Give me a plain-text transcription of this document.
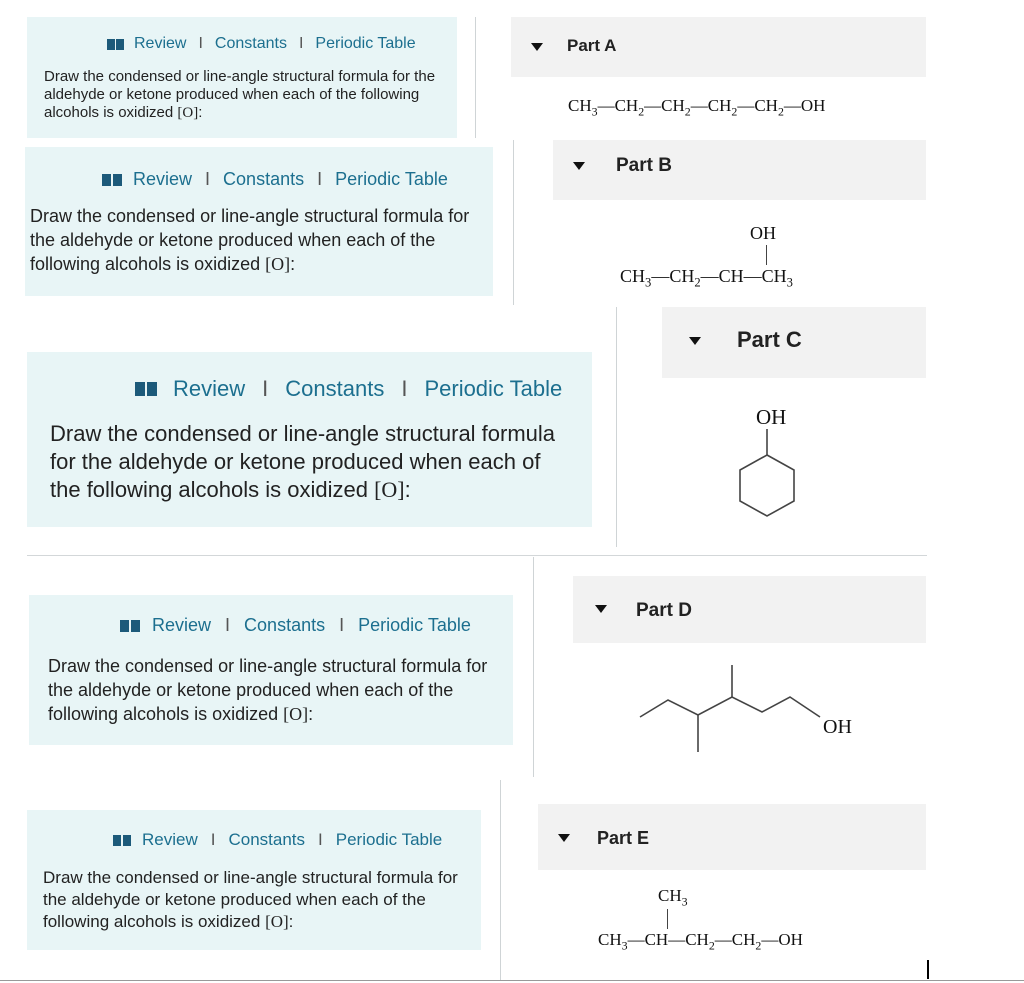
Review I Constants I Periodic Table
Draw the condensed or line-angle structural formula for the aldehyde or ketone produced when each of the following alcohols is oxidized [O]:
Part A
$CH_3—CH_2—CH_2—CH_2—CH_2—OH$
Review I Constants I Periodic Table
Draw the condensed or line-angle structural formula for the aldehyde or ketone produced when each of the following alcohols is oxidized [O]:
Part B
$CH_3—CH_2—CH—CH_3$
OH
Review I Constants I Periodic Table
Draw the condensed or line-angle structural formula for the aldehyde or ketone produced when each of the following alcohols is oxidized [O]:
Part C
OH
Review I Constants I Periodic Table
Draw the condensed or line-angle structural formula for the aldehyde or ketone produced when each of the following alcohols is oxidized [O]:
Part D
OH
Review I Constants I Periodic Table
Draw the condensed or line-angle structural formula for the aldehyde or ketone produced when each of the following alcohols is oxidized [O]:
Part E
$CH_3$
$CH_3—CH—CH_2—CH_2—OH$
